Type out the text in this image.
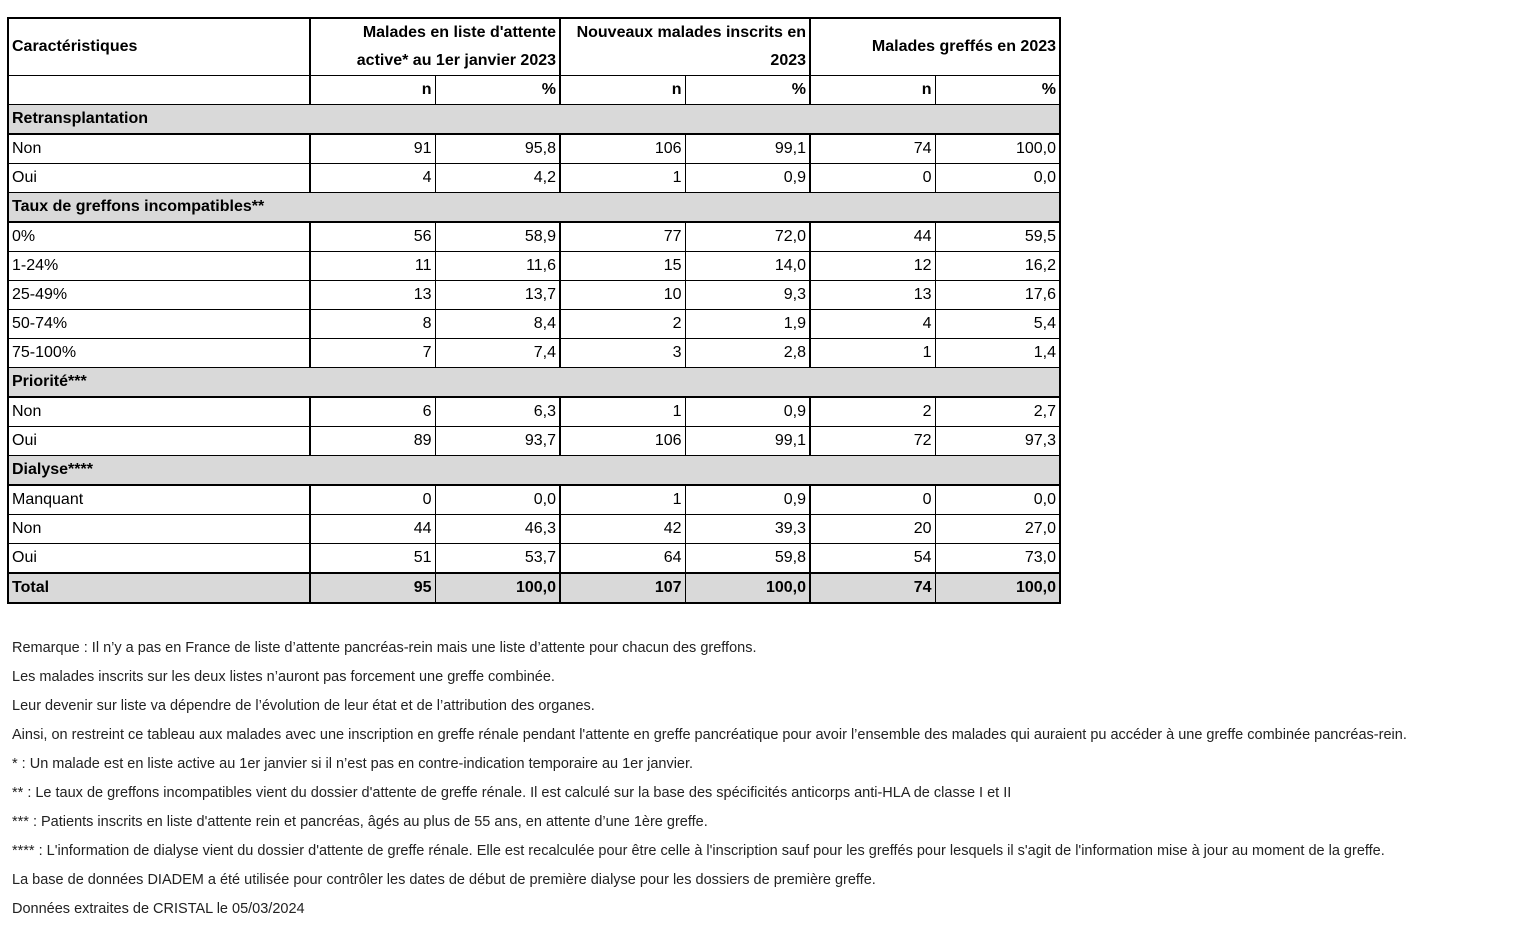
Caractéristiques	Malades en liste d'attente active* au 1er janvier 2023		Nouveaux malades inscrits en 2023		Malades greffés en 2023	
	n	%	n	%	n	%
Retransplantation						
Non	91	95,8	106	99,1	74	100,0
Oui	4	4,2	1	0,9	0	0,0
Taux de greffons incompatibles**						
0%	56	58,9	77	72,0	44	59,5
1-24%	11	11,6	15	14,0	12	16,2
25-49%	13	13,7	10	9,3	13	17,6
50-74%	8	8,4	2	1,9	4	5,4
75-100%	7	7,4	3	2,8	1	1,4
Priorité***						
Non	6	6,3	1	0,9	2	2,7
Oui	89	93,7	106	99,1	72	97,3
Dialyse****						
Manquant	0	0,0	1	0,9	0	0,0
Non	44	46,3	42	39,3	20	27,0
Oui	51	53,7	64	59,8	54	73,0
Total	95	100,0	107	100,0	74	100,0

Remarque : Il n’y a pas en France de liste d’attente pancréas-rein mais une liste d’attente pour chacun des greffons.

Les malades inscrits sur les deux listes n’auront pas forcement une greffe combinée.

Leur devenir sur liste va dépendre de l’évolution de leur état et de l’attribution des organes.

Ainsi, on restreint ce tableau aux malades avec une inscription en greffe rénale pendant l'attente en greffe pancréatique pour avoir l’ensemble des malades qui auraient pu accéder à une greffe combinée pancréas-rein.

* : Un malade est en liste active au 1er janvier si il n’est pas en contre-indication temporaire au 1er janvier.

** : Le taux de greffons incompatibles vient du dossier d'attente de greffe rénale. Il est calculé sur la base des spécificités anticorps anti-HLA de classe I et II

*** : Patients inscrits en liste d'attente rein et pancréas, âgés au plus de 55 ans, en attente d’une 1ère greffe.

**** : L'information de dialyse vient du dossier d'attente de greffe rénale. Elle est recalculée pour être celle à l'inscription sauf pour les greffés pour lesquels il s'agit de l'information mise à jour au moment de la greffe.

La base de données DIADEM a été utilisée pour contrôler les dates de début de première dialyse pour les dossiers de première greffe.

Données extraites de CRISTAL le 05/03/2024
